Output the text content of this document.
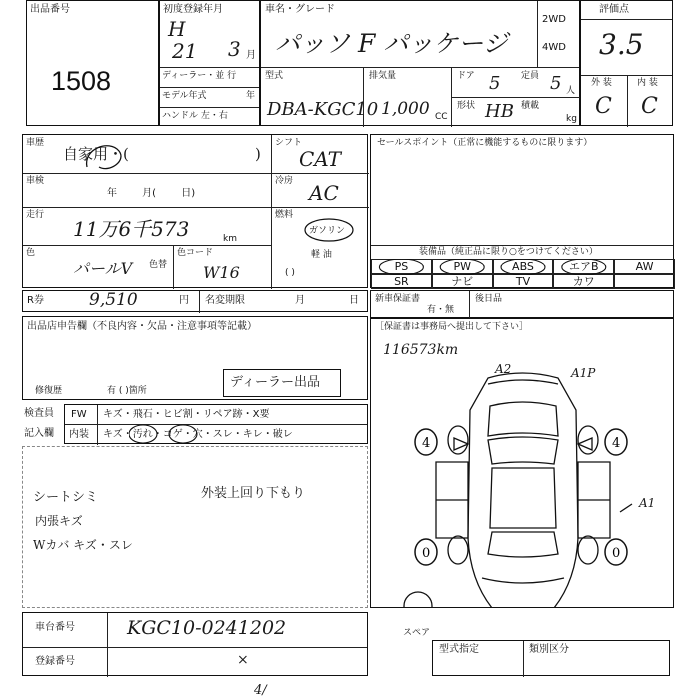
出品番号
1508
初度登録年月
H
21 3 月
ディーラー・並 行
モデル年式	年
ハンドル 左・右
車名・グレード
パッソ F パッケージ
2WD
4WD
型式
DBA-KGC10
排気量
1,000 CC
ドア 5 定員 5 人
形状 HB 積載
kg
評価点
3.5
外 装	内 装
C C
車歴
自家用・(	)
車検
年 月( 日)
走行
11万6千573	km
色
パールV 色替
色コード
W16
シフト
CAT
冷房 AC
燃料
ガソリン
軽 油
( )
セールスポイント（正常に機能するものに限ります）
装備品（純正品に限り○をつけてください）
PS	PW	ABS	エアB	AW
SR	ナビ	TV	カワ
R券	9,510	円 名変期限	月	日 新車保証書
有・無
後日品
出品店申告欄（不良内容・欠品・注意事項等記載）
修復歴	有 ( )箇所
ディーラー出品
検査員
記入欄
FW キズ・飛石・ヒビ割・リペア跡・X要
内装 キズ・汚れ・コゲ・穴・スレ・キレ・破レ
シートシミ
内張キズ
Wカバ キズ・スレ
外装上回り下もり
［保証書は事務局へ提出して下さい］
116573km
A2	A1P
A1
スペア
4	4
0	0
車台番号	KGC10-0241202
登録番号	×
型式指定	類別区分
4/
